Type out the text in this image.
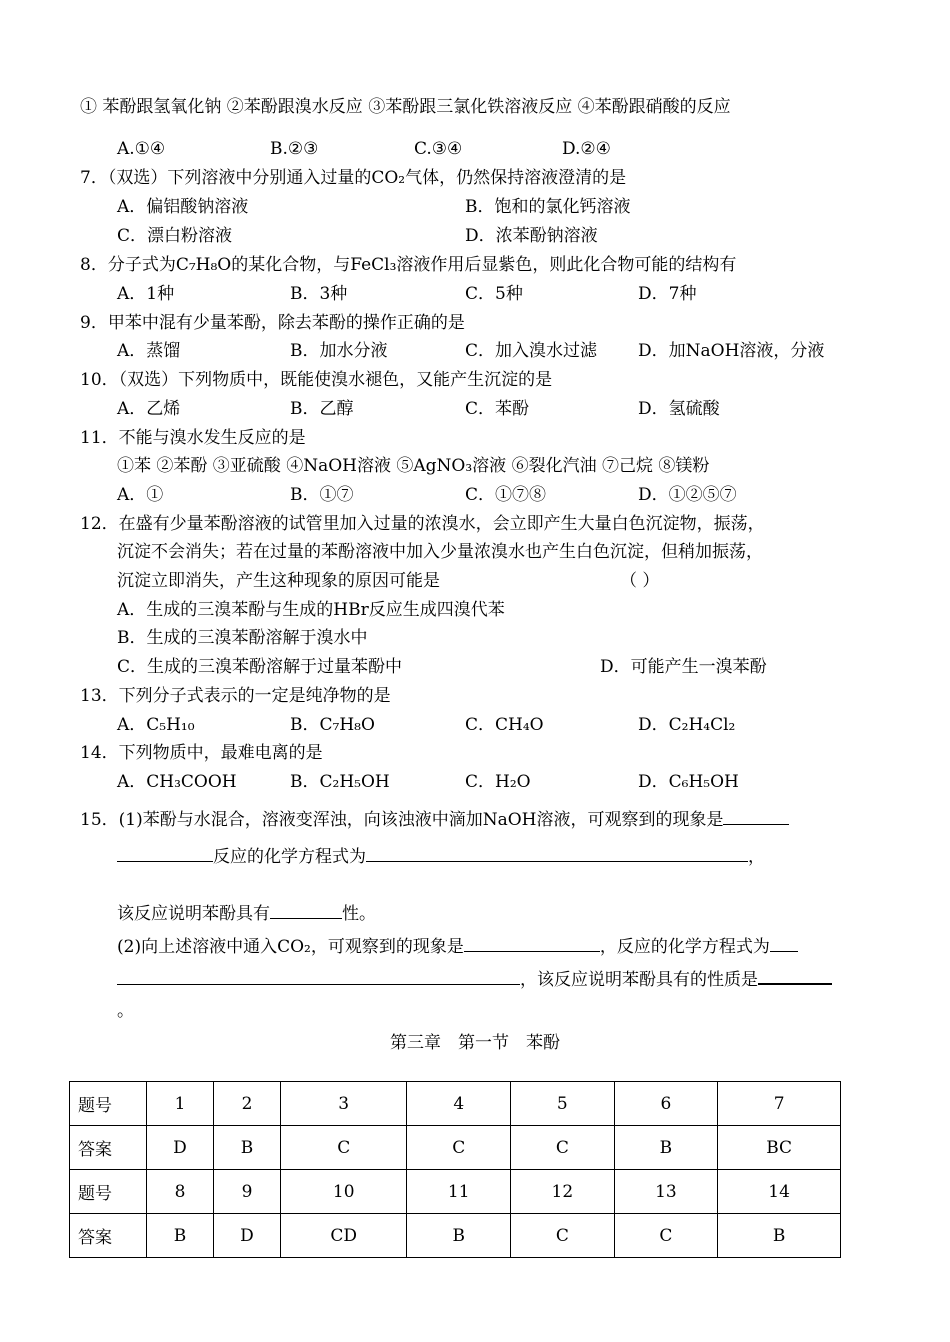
① 苯酚跟氢氧化钠 ②苯酚跟溴水反应 ③苯酚跟三氯化铁溶液反应 ④苯酚跟硝酸的反应
A.①④	B.②③	C.③④	D.②④
7．（双选）下列溶液中分别通入过量的CO₂气体，仍然保持溶液澄清的是
A．偏铝酸钠溶液	B．饱和的氯化钙溶液
C．漂白粉溶液	D．浓苯酚钠溶液
8．分子式为C₇H₈O的某化合物，与FeCl₃溶液作用后显紫色，则此化合物可能的结构有
A．1种	B．3种	C．5种	D．7种
9．甲苯中混有少量苯酚，除去苯酚的操作正确的是
A．蒸馏	B．加水分液	C．加入溴水过滤 D．加NaOH溶液，分液
10．（双选）下列物质中，既能使溴水褪色，又能产生沉淀的是
A．乙烯	B．乙醇	C．苯酚	D．氢硫酸
11．不能与溴水发生反应的是
①苯 ②苯酚 ③亚硫酸 ④NaOH溶液 ⑤AgNO₃溶液 ⑥裂化汽油 ⑦己烷 ⑧镁粉
A．①	B．①⑦	C．①⑦⑧	D．①②⑤⑦
12．在盛有少量苯酚溶液的试管里加入过量的浓溴水，会立即产生大量白色沉淀物，振荡，
沉淀不会消失；若在过量的苯酚溶液中加入少量浓溴水也产生白色沉淀，但稍加振荡，
沉淀立即消失，产生这种现象的原因可能是	（ ）
A．生成的三溴苯酚与生成的HBr反应生成四溴代苯
B．生成的三溴苯酚溶解于溴水中
C．生成的三溴苯酚溶解于过量苯酚中	D．可能产生一溴苯酚
13．下列分子式表示的一定是纯净物的是
A．C₅H₁₀	B．C₇H₈O	C．CH₄O	D．C₂H₄Cl₂
14．下列物质中，最难电离的是
A．CH₃COOH	B．C₂H₅OH	C．H₂O	D．C₆H₅OH
15．(1)苯酚与水混合，溶液变浑浊，向该浊液中滴加NaOH溶液，可观察到的现象是
反应的化学方程式为	，
该反应说明苯酚具有	性。
(2)向上述溶液中通入CO₂，可观察到的现象是	，反应的化学方程式为
，该反应说明苯酚具有的性质是
。
第三章　第一节　苯酚
题号	1	2	3	4	5	6	7
答案	D	B	C	C	C	B	BC
题号	8	9	10	11	12	13	14
答案	B	D	CD	B	C	C	B
